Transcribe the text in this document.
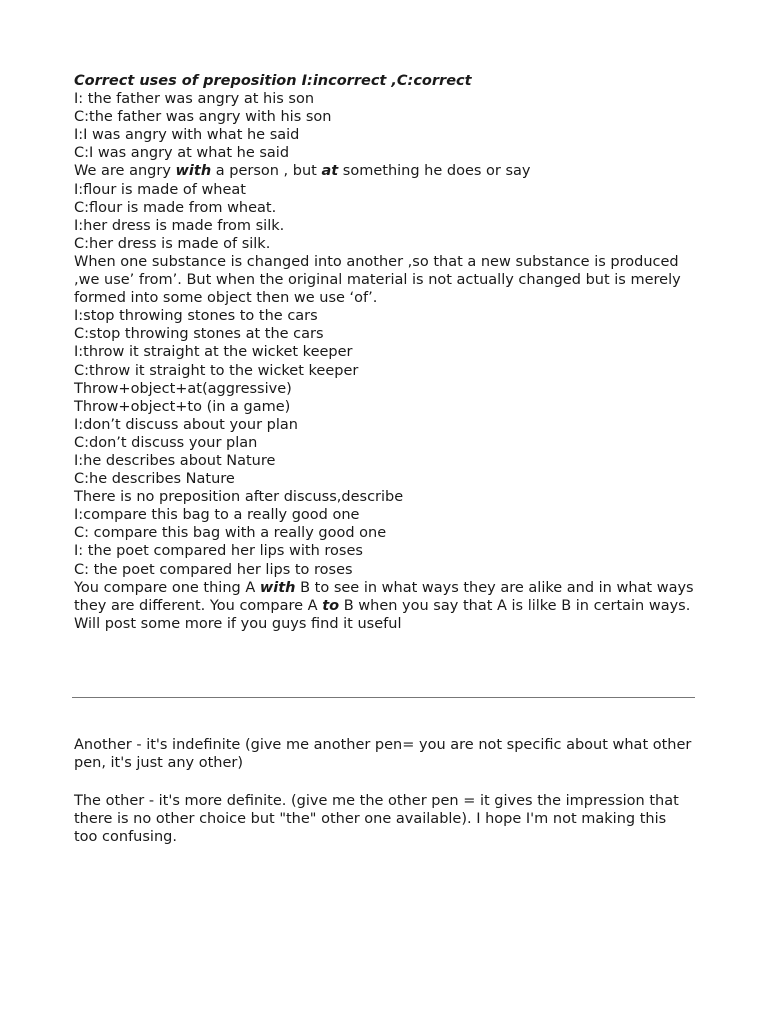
Correct uses of preposition I:incorrect ,C:correct
I: the father was angry at his son
C:the father was angry with his son
I:I was angry with what he said
C:I was angry at what he said
We are angry with a person , but at something he does or say
I:flour is made of wheat
C:flour is made from wheat.
I:her dress is made from silk.
C:her dress is made of silk.
When one substance is changed into another ,so that a new substance is produced ,we use’ from’. But when the original material is not actually changed but is merely formed into some object then we use ‘of’.
I:stop throwing stones to the cars
C:stop throwing stones at the cars
I:throw it straight at the wicket keeper
C:throw it straight to the wicket keeper
Throw+object+at(aggressive)
Throw+object+to (in a game)
I:don’t discuss about your plan
C:don’t discuss your plan
I:he describes about Nature
C:he describes Nature
There is no preposition after discuss,describe
I:compare this bag to a really good one
C: compare this bag with a really good one
I: the poet compared her lips with roses
C: the poet compared her lips to roses
You compare one thing A with B to see in what ways they are alike and in what ways they are different. You compare A to B when you say that A is lilke B in certain ways.
Will post some more if you guys find it useful
Another - it's indefinite (give me another pen= you are not specific about what other pen, it's just any other)
The other - it's more definite. (give me the other pen = it gives the impression that there is no other choice but "the" other one available). I hope I'm not making this too confusing.
